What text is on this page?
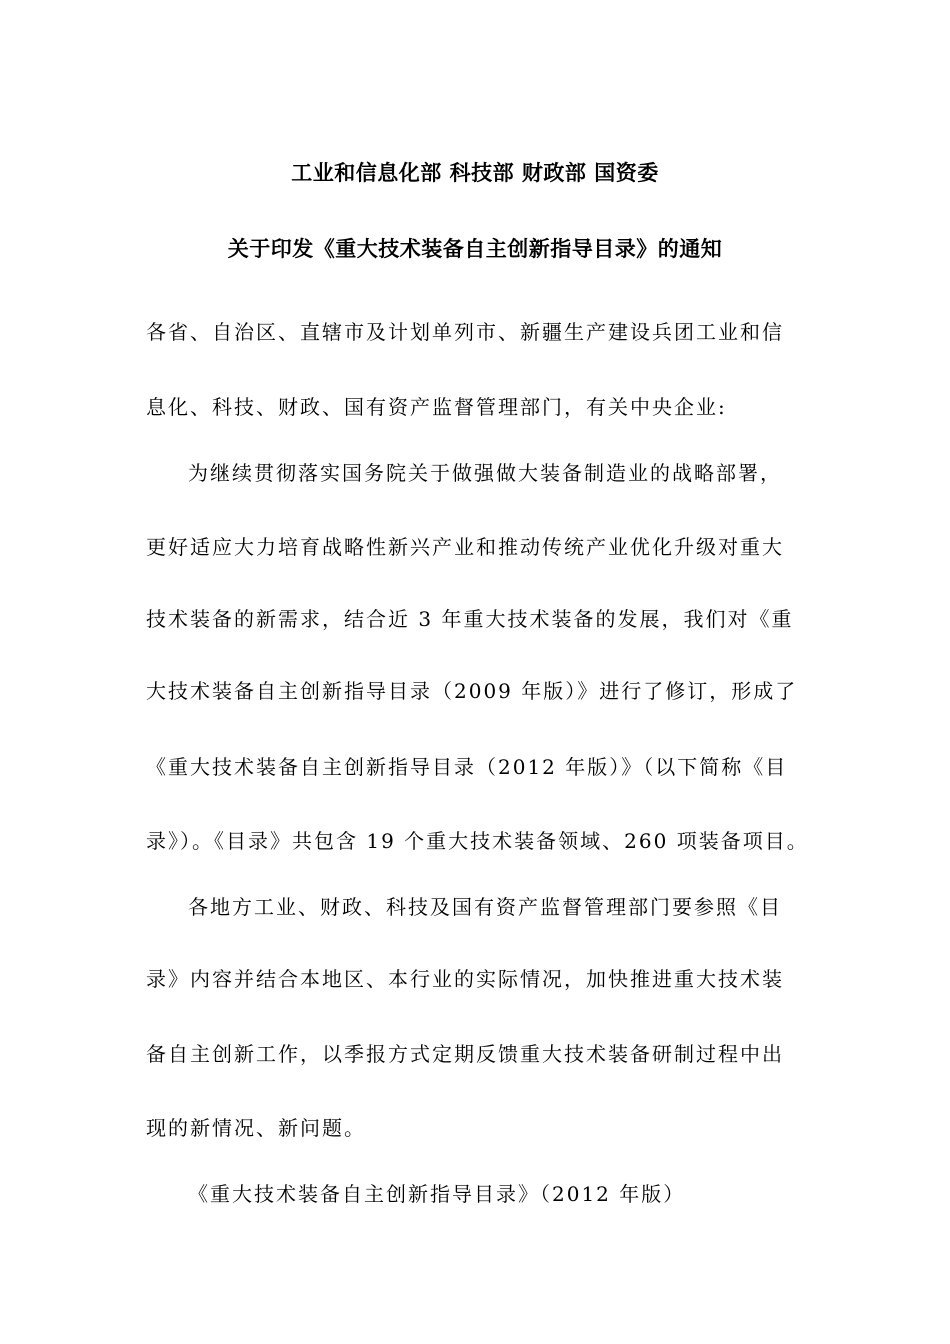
工业和信息化部 科技部 财政部 国资委
关于印发《重大技术装备自主创新指导目录》的通知
各省、自治区、直辖市及计划单列市、新疆生产建设兵团工业和信
息化、科技、财政、国有资产监督管理部门，有关中央企业:
为继续贯彻落实国务院关于做强做大装备制造业的战略部署，
更好适应大力培育战略性新兴产业和推动传统产业优化升级对重大
技术装备的新需求，结合近 3 年重大技术装备的发展，我们对《重
大技术装备自主创新指导目录（2009 年版）》进行了修订，形成了
《重大技术装备自主创新指导目录（2012 年版）》（以下简称《目
录》）。《目录》共包含 19 个重大技术装备领域、260 项装备项目。
各地方工业、财政、科技及国有资产监督管理部门要参照《目
录》内容并结合本地区、本行业的实际情况，加快推进重大技术装
备自主创新工作，以季报方式定期反馈重大技术装备研制过程中出
现的新情况、新问题。
《重大技术装备自主创新指导目录》（2012 年版）
